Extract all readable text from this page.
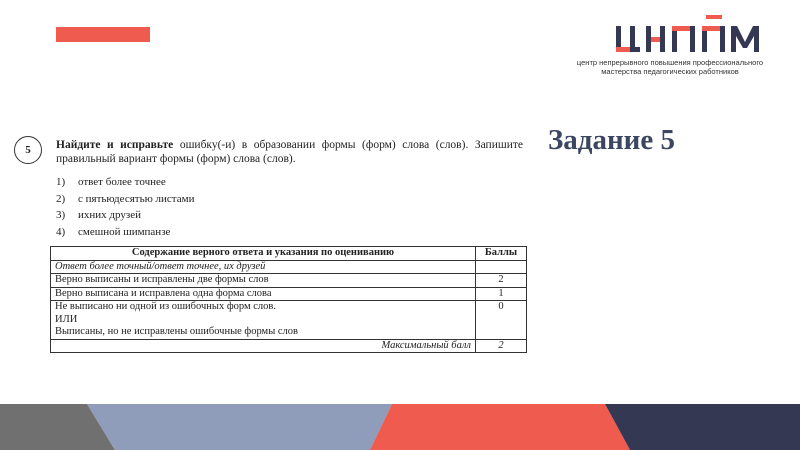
центр непрерывного повышения профессионального
мастерства педагогических работников
Задание 5
5	Найдите и исправьте ошибку(-и) в образовании формы (форм) слова (слов). Запишите правильный вариант формы (форм) слова (слов).
1) ответ более точнее
2) с пятьюдесятью листами
3) ихних друзей
4) смешной шимпанзе
Содержание верного ответа и указания по оцениванию	Баллы
Ответ более точный/ответ точнее, их друзей	
Верно выписаны и исправлены две формы слов	2
Верно выписана и исправлена одна форма слова	1

Не выписано ни одной из ошибочных форм слов.
ИЛИ
Выписаны, но не исправлены ошибочные формы слов	0
Максимальный балл	2
